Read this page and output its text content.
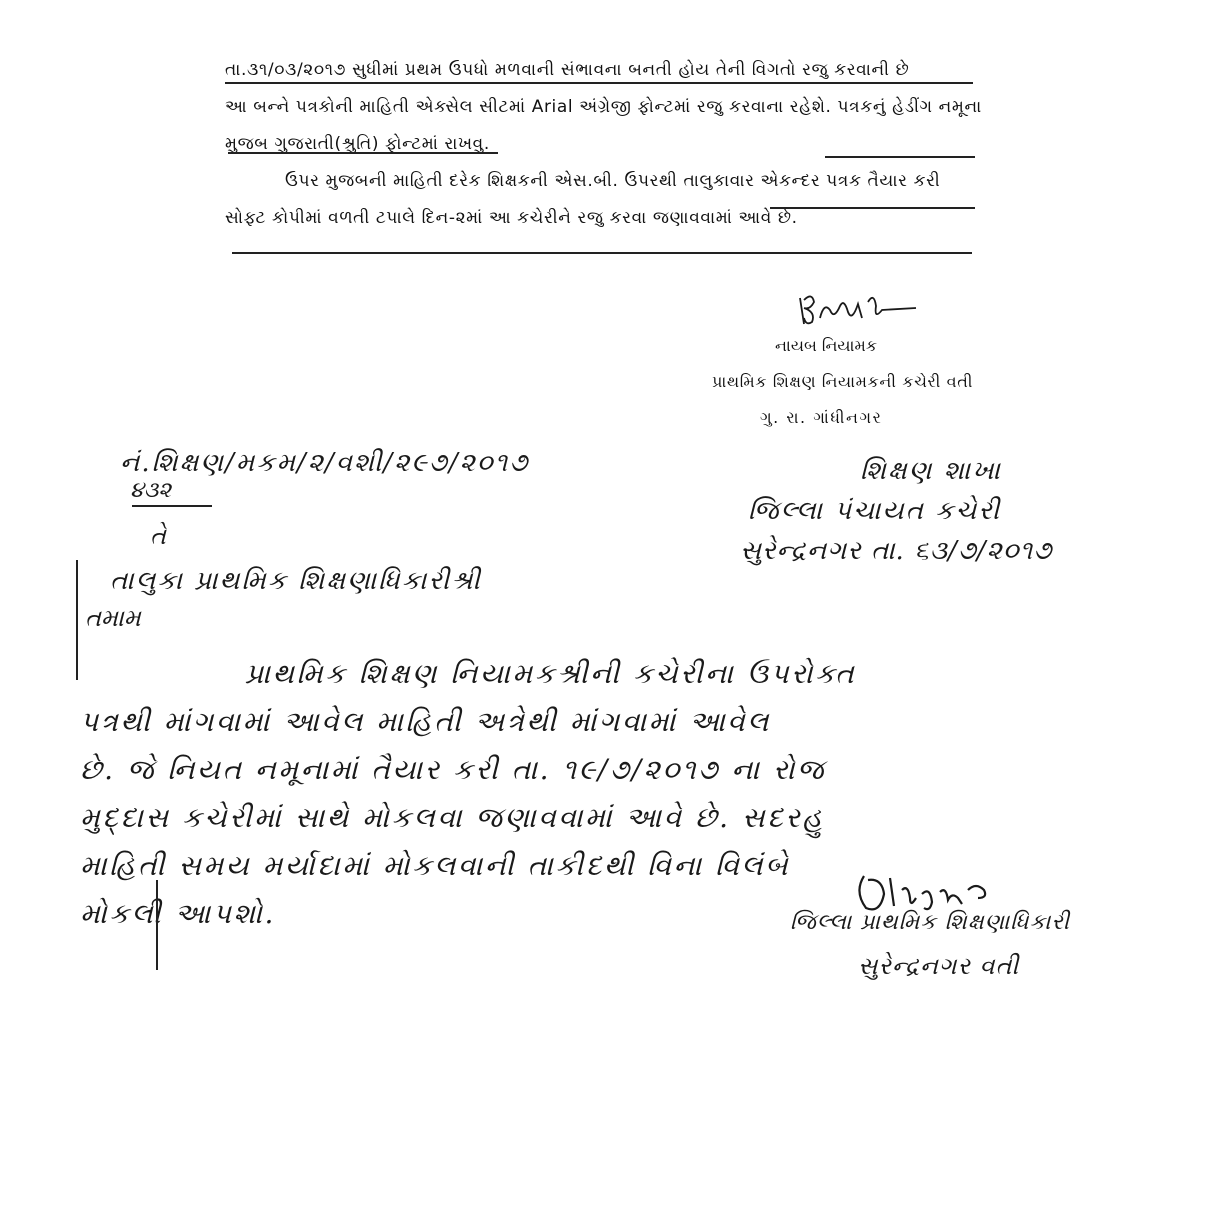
તા.૩૧/૦૩/૨૦૧૭ સુધીમાં પ્રથમ ઉપધો મળવાની સંભાવના બનતી હોય તેની વિગતો રજુ કરવાની છે
આ બન્ને પત્રકોની માહિતી એક્સેલ સીટમાં Arial અંગ્રેજી ફોન્ટમાં રજુ કરવાના રહેશે. પત્રકનું હેડીંગ નમૂના
મુજબ ગુજરાતી(શ્રુતિ) ફોન્ટમાં રાખવુ.
ઉપર મુજબની માહિતી દરેક શિક્ષકની એસ.બી. ઉપરથી તાલુકાવાર એકન્દર પત્રક તૈયાર કરી
સોફ્ટ કોપીમાં વળતી ટપાલે દિન-૨માં આ કચેરીને રજુ કરવા જણાવવામાં આવે છે.
નાયબ નિયામક
પ્રાથમિક શિક્ષણ નિયામકની કચેરી વતી
ગુ. રા. ગાંધીનગર
નં.શિક્ષણ/મકમ/૨/વશી/૨૯૭/૨૦૧૭
૪૩૨
શિક્ષણ શાખા
જિલ્લા પંચાયત કચેરી
સુરેન્દ્રનગર તા. ૬૩/૭/૨૦૧૭
તે
તાલુકા પ્રાથમિક શિક્ષણાધિકારીશ્રી
તમામ
પ્રાથમિક શિક્ષણ નિયામકશ્રીની કચેરીના ઉપરોક્ત
પત્રથી માંગવામાં આવેલ માહિતી અત્રેથી માંગવામાં આવેલ
છે. જે નિયત નમૂનામાં તૈયાર કરી તા. ૧૯/૭/૨૦૧૭ ના રોજ
મુદ્દાસ કચેરીમાં સાથે મોકલવા જણાવવામાં આવે છે. સદરહુ
માહિતી સમય મર્યાદામાં મોકલવાની તાકીદથી વિના વિલંબે
મોકલી આપશો.	જિલ્લા પ્રાથમિક શિક્ષણાધિકારી
સુરેન્દ્રનગર વતી
